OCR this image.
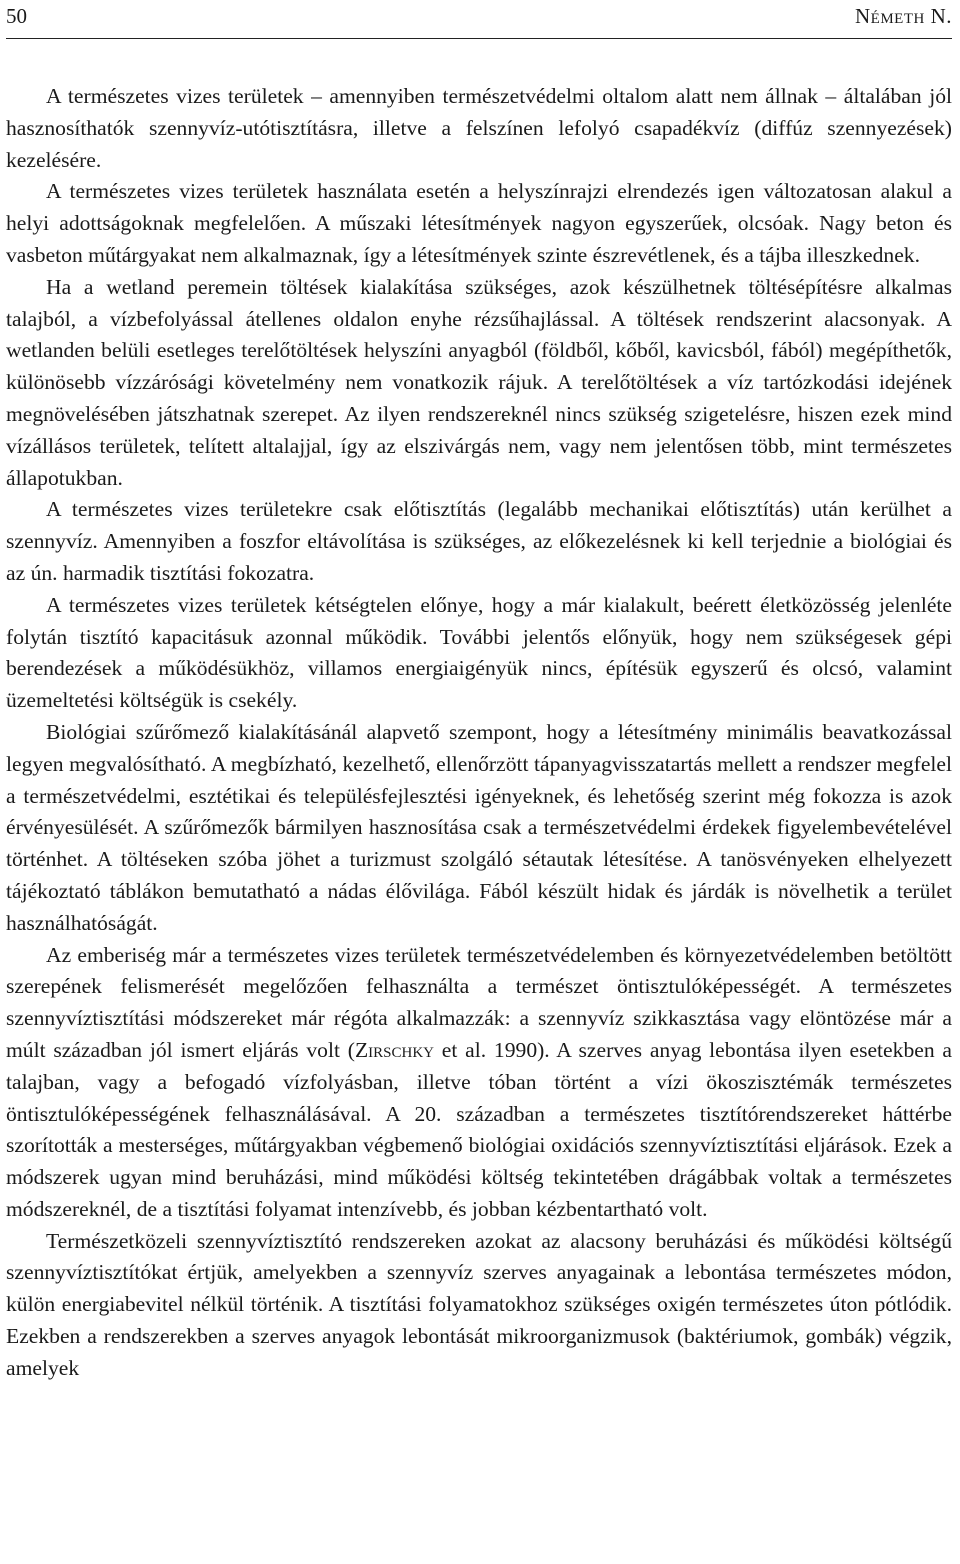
50	Németh N.

A természetes vizes területek – amennyiben természetvédelmi oltalom alatt nem állnak – általában jól hasznosíthatók szennyvíz-utótisztításra, illetve a felszínen lefolyó csapadékvíz (diffúz szennyezések) kezelésére.

A természetes vizes területek használata esetén a helyszínrajzi elrendezés igen változatosan alakul a helyi adottságoknak megfelelően. A műszaki létesítmények nagyon egyszerűek, olcsóak. Nagy beton és vasbeton műtárgyakat nem alkalmaznak, így a létesítmények szinte észrevétlenek, és a tájba illeszkednek.

Ha a wetland peremein töltések kialakítása szükséges, azok készülhetnek töltésépítésre alkalmas talajból, a vízbefolyással átellenes oldalon enyhe rézsűhajlással. A töltések rendszerint alacsonyak. A wetlanden belüli esetleges terelőtöltések helyszíni anyagból (földből, kőből, kavicsból, fából) megépíthetők, különösebb vízzárósági követelmény nem vonatkozik rájuk. A terelőtöltések a víz tartózkodási idejének megnövelésében játszhatnak szerepet. Az ilyen rendszereknél nincs szükség szigetelésre, hiszen ezek mind vízállásos területek, telített altalajjal, így az elszivárgás nem, vagy nem jelentősen több, mint természetes állapotukban.

A természetes vizes területekre csak előtisztítás (legalább mechanikai előtisztítás) után kerülhet a szennyvíz. Amennyiben a foszfor eltávolítása is szükséges, az előkezelésnek ki kell terjednie a biológiai és az ún. harmadik tisztítási fokozatra.

A természetes vizes területek kétségtelen előnye, hogy a már kialakult, beérett életközösség jelenléte folytán tisztító kapacitásuk azonnal működik. További jelentős előnyük, hogy nem szükségesek gépi berendezések a működésükhöz, villamos energiaigényük nincs, építésük egyszerű és olcsó, valamint üzemeltetési költségük is csekély.

Biológiai szűrőmező kialakításánál alapvető szempont, hogy a létesítmény minimális beavatkozással legyen megvalósítható. A megbízható, kezelhető, ellenőrzött tápanyagvisszatartás mellett a rendszer megfelel a természetvédelmi, esztétikai és településfejlesztési igényeknek, és lehetőség szerint még fokozza is azok érvényesülését. A szűrőmezők bármilyen hasznosítása csak a természetvédelmi érdekek figyelembevételével történhet. A töltéseken szóba jöhet a turizmust szolgáló sétautak létesítése. A tanösvényeken elhelyezett tájékoztató táblákon bemutatható a nádas élővilága. Fából készült hidak és járdák is növelhetik a terület használhatóságát.

Az emberiség már a természetes vizes területek természetvédelemben és környezetvédelemben betöltött szerepének felismerését megelőzően felhasználta a természet öntisztulóképességét. A természetes szennyvíztisztítási módszereket már régóta alkalmazzák: a szennyvíz szikkasztása vagy elöntözése már a múlt században jól ismert eljárás volt (Zirschky et al. 1990). A szerves anyag lebontása ilyen esetekben a talajban, vagy a befogadó vízfolyásban, illetve tóban történt a vízi ökoszisztémák természetes öntisztulóképességének felhasználásával. A 20. században a természetes tisztítórendszereket háttérbe szorították a mesterséges, műtárgyakban végbemenő biológiai oxidációs szennyvíztisztítási eljárások. Ezek a módszerek ugyan mind beruházási, mind működési költség tekintetében drágábbak voltak a természetes módszereknél, de a tisztítási folyamat intenzívebb, és jobban kézbentartható volt.

Természetközeli szennyvíztisztító rendszereken azokat az alacsony beruházási és működési költségű szennyvíztisztítókat értjük, amelyekben a szennyvíz szerves anyagainak a lebontása természetes módon, külön energiabevitel nélkül történik. A tisztítási folyamatokhoz szükséges oxigén természetes úton pótlódik. Ezekben a rendszerekben a szerves anyagok lebontását mikroorganizmusok (baktériumok, gombák) végzik, amelyek
